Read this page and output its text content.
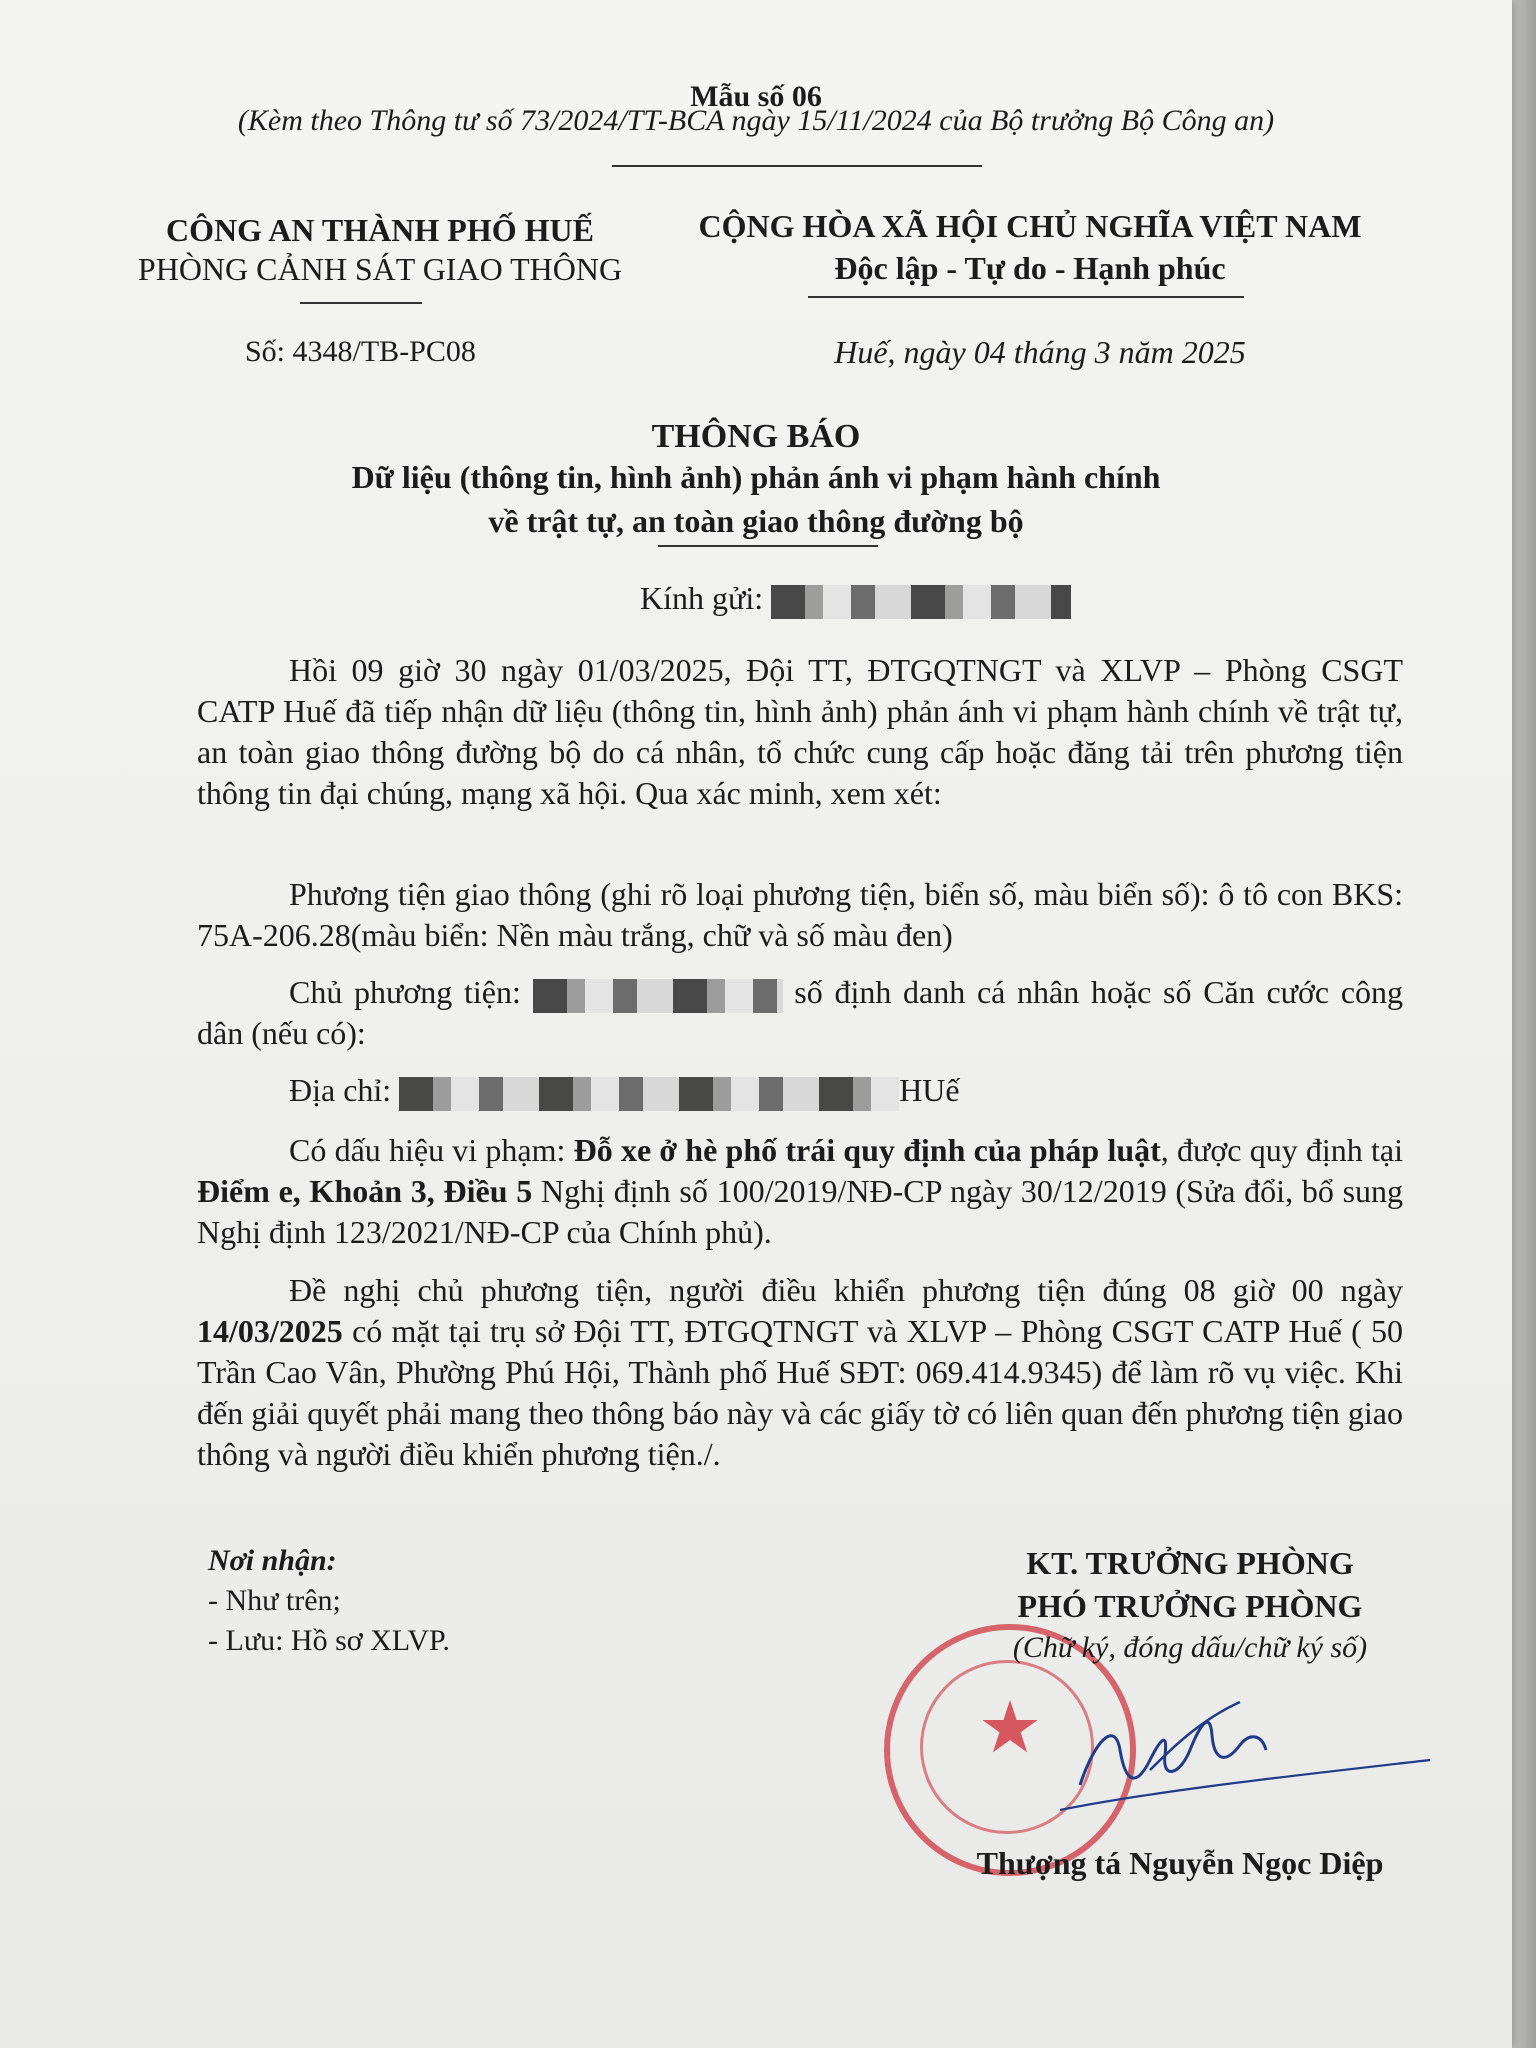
Mẫu số 06
(Kèm theo Thông tư số 73/2024/TT-BCA ngày 15/11/2024 của Bộ trưởng Bộ Công an)
CÔNG AN THÀNH PHỐ HUẾ
PHÒNG CẢNH SÁT GIAO THÔNG
Số: 4348/TB-PC08
CỘNG HÒA XÃ HỘI CHỦ NGHĨA VIỆT NAM
Độc lập - Tự do - Hạnh phúc
Huế, ngày 04 tháng 3 năm 2025
THÔNG BÁO
Dữ liệu (thông tin, hình ảnh) phản ánh vi phạm hành chính
về trật tự, an toàn giao thông đường bộ
Kính gửi:

Hồi 09 giờ 30 ngày 01/03/2025, Đội TT, ĐTGQTNGT và XLVP – Phòng CSGT CATP Huế đã tiếp nhận dữ liệu (thông tin, hình ảnh) phản ánh vi phạm hành chính về trật tự, an toàn giao thông đường bộ do cá nhân, tổ chức cung cấp hoặc đăng tải trên phương tiện thông tin đại chúng, mạng xã hội. Qua xác minh, xem xét:

Phương tiện giao thông (ghi rõ loại phương tiện, biển số, màu biển số): ô tô con BKS: 75A-206.28(màu biển: Nền màu trắng, chữ và số màu đen)

Chủ phương tiện:	số định danh cá nhân hoặc số Căn cước công dân (nếu có):

Địa chỉ:	HUế

Có dấu hiệu vi phạm: Đỗ xe ở hè phố trái quy định của pháp luật, được quy định tại Điểm e, Khoản 3, Điều 5 Nghị định số 100/2019/NĐ-CP ngày 30/12/2019 (Sửa đổi, bổ sung Nghị định 123/2021/NĐ-CP của Chính phủ).

Đề nghị chủ phương tiện, người điều khiển phương tiện đúng 08 giờ 00 ngày 14/03/2025 có mặt tại trụ sở Đội TT, ĐTGQTNGT và XLVP – Phòng CSGT CATP Huế ( 50 Trần Cao Vân, Phường Phú Hội, Thành phố Huế SĐT: 069.414.9345) để làm rõ vụ việc. Khi đến giải quyết phải mang theo thông báo này và các giấy tờ có liên quan đến phương tiện giao thông và người điều khiển phương tiện./.

Nơi nhận:
- Như trên;
- Lưu: Hồ sơ XLVP.
★
KT. TRƯỞNG PHÒNG
PHÓ TRƯỞNG PHÒNG
(Chữ ký, đóng dấu/chữ ký số)
Thượng tá Nguyễn Ngọc Diệp
